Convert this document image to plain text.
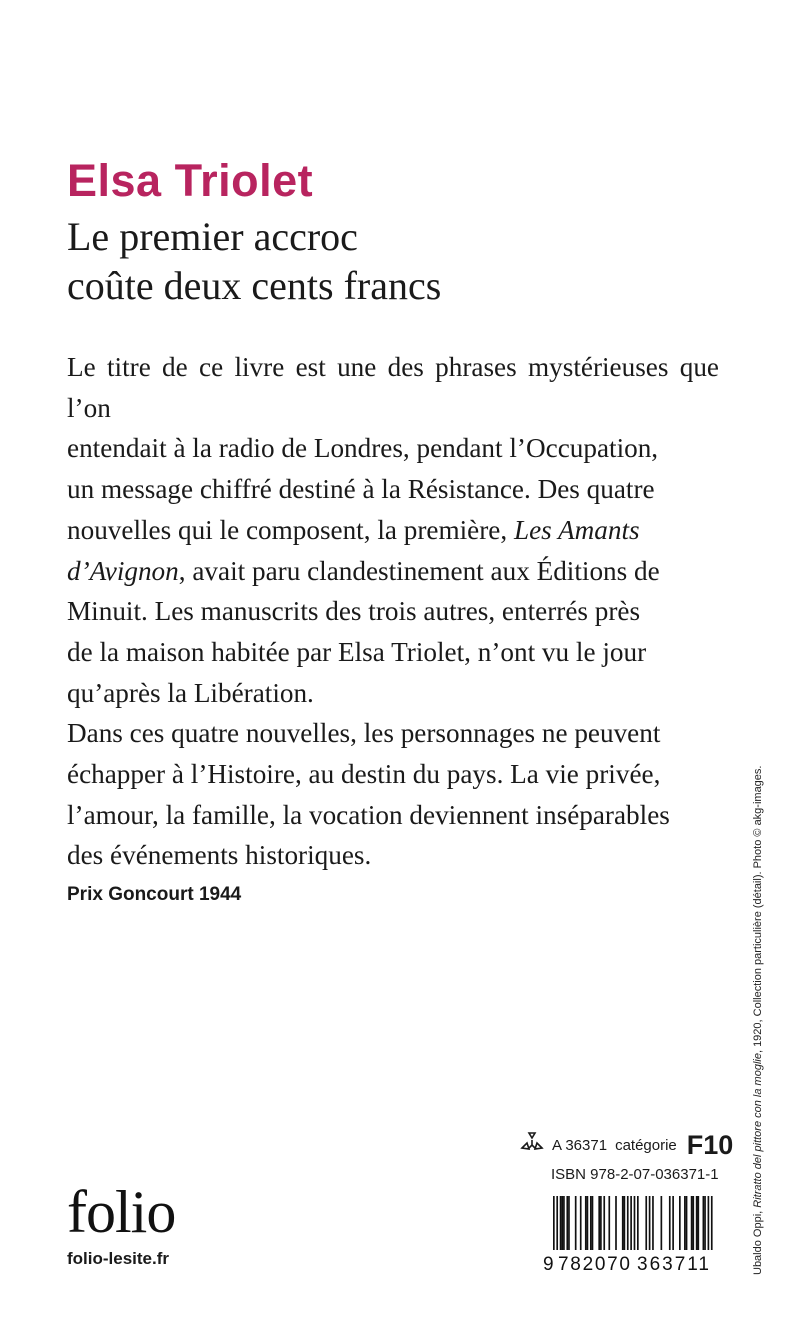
Elsa Triolet
Le premier accroc
coûte deux cents francs

Le titre de ce livre est une des phrases mystérieuses que l’on
entendait à la radio de Londres, pendant l’Occupation,
un message chiffré destiné à la Résistance. Des quatre
nouvelles qui le composent, la première, Les Amants
d’Avignon, avait paru clandestinement aux Éditions de
Minuit. Les manuscrits des trois autres, enterrés près
de la maison habitée par Elsa Triolet, n’ont vu le jour
qu’après la Libération.

Dans ces quatre nouvelles, les personnages ne peuvent
échapper à l’Histoire, au destin du pays. La vie privée,
l’amour, la famille, la vocation deviennent inséparables
des événements historiques.

Prix Goncourt 1944
Ubaldo Oppi, Ritratto del pittore con la moglie, 1920, Collection particulière (détail). Photo © akg-images.
A 36371 catégorie F10
ISBN 978-2-07-036371-1
9 782070 363711
folio
folio-lesite.fr
